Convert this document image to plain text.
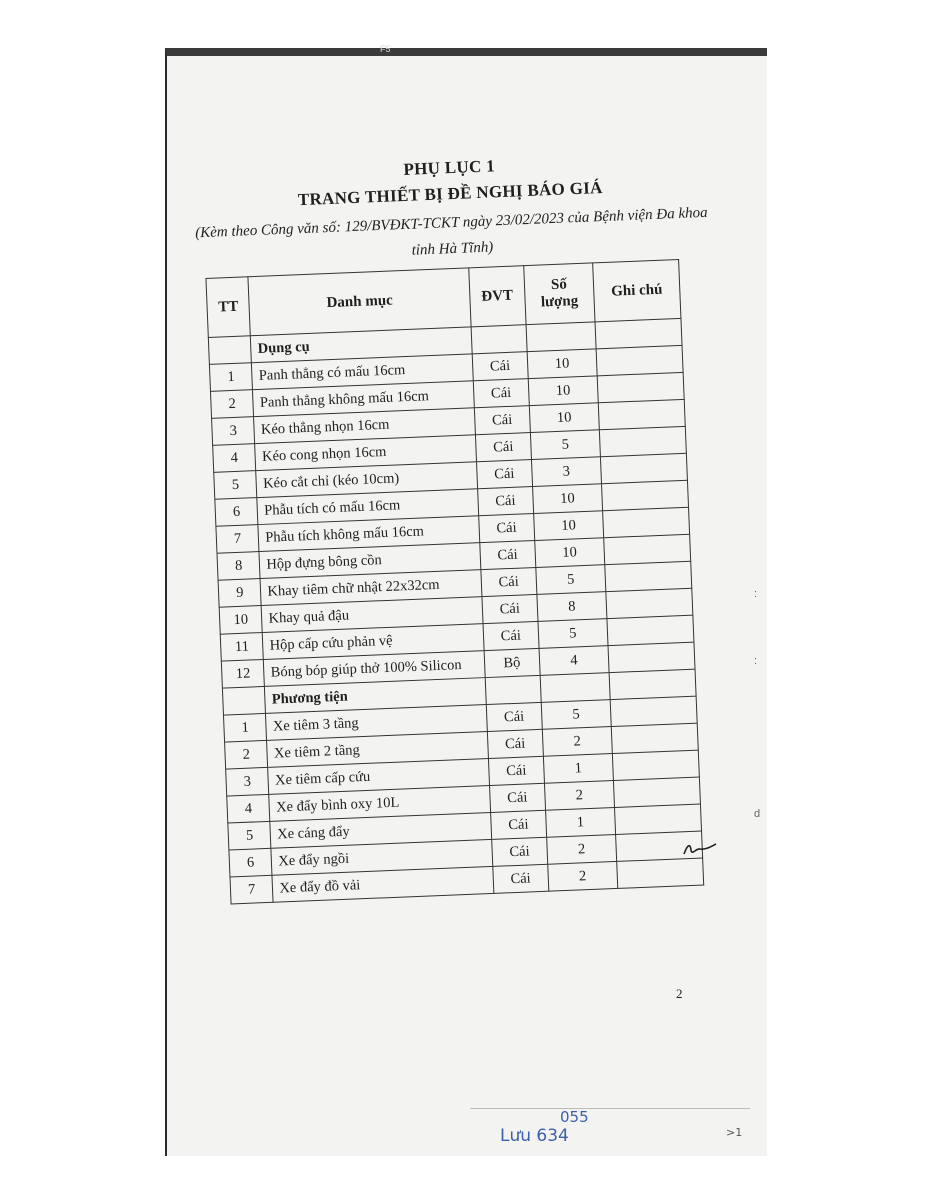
F5
PHỤ LỤC 1
TRANG THIẾT BỊ ĐỀ NGHỊ BÁO GIÁ
(Kèm theo Công văn số: 129/BVĐKT-TCKT ngày 23/02/2023 của Bệnh viện Đa khoa tỉnh Hà Tĩnh)
TT	Danh mục	ĐVT	Số lượng	Ghi chú
	Dụng cụ			
1	Panh thẳng có mấu 16cm	Cái	10	
2	Panh thẳng không mấu 16cm	Cái	10	
3	Kéo thẳng nhọn 16cm	Cái	10	
4	Kéo cong nhọn 16cm	Cái	5	
5	Kéo cắt chỉ (kéo 10cm)	Cái	3	
6	Phẫu tích có mấu 16cm	Cái	10	
7	Phẫu tích không mấu 16cm	Cái	10	
8	Hộp đựng bông cồn	Cái	10	
9	Khay tiêm chữ nhật 22x32cm	Cái	5	
10	Khay quả đậu	Cái	8	
11	Hộp cấp cứu phản vệ	Cái	5	
12	Bóng bóp giúp thở 100% Silicon	Bộ	4	
	Phương tiện			
1	Xe tiêm 3 tầng	Cái	5	
2	Xe tiêm 2 tầng	Cái	2	
3	Xe tiêm cấp cứu	Cái	1	
4	Xe đẩy bình oxy 10L	Cái	2	
5	Xe cáng đẩy	Cái	1	
6	Xe đẩy ngồi	Cái	2	
7	Xe đẩy đồ vải	Cái	2	
2
055
Lưu 634	>1
:
:
d
